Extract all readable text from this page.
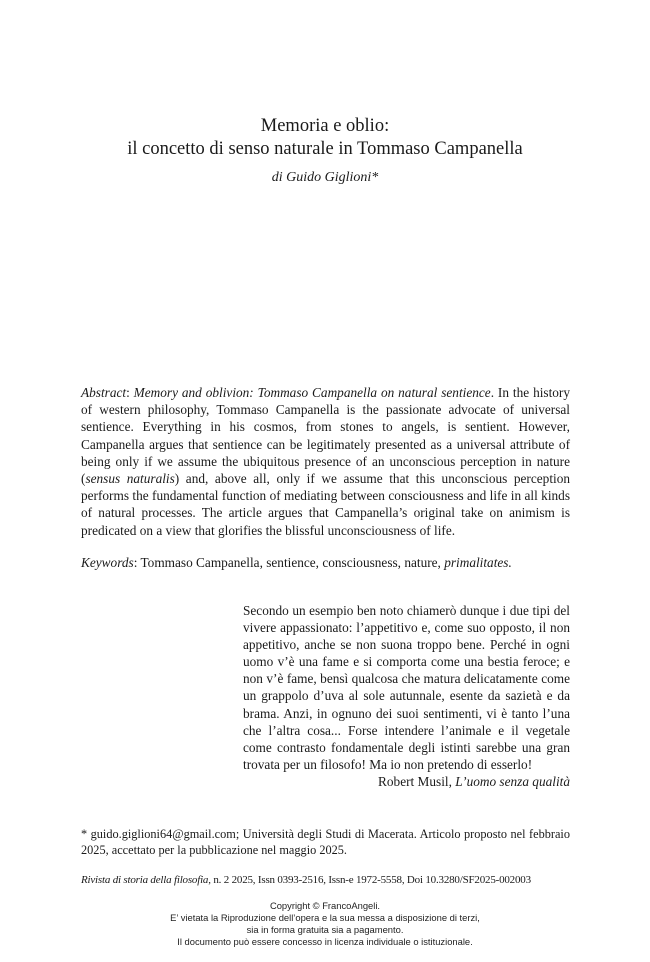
Memoria e oblio:
il concetto di senso naturale in Tommaso Campanella
di Guido Giglioni*
Abstract: Memory and oblivion: Tommaso Campanella on natural sentience. In the history of western philosophy, Tommaso Campanella is the passionate advocate of universal sentience. Everything in his cosmos, from stones to angels, is sentient. However, Campanella argues that sentience can be legitimately presented as a universal attribute of being only if we assume the ubiquitous presence of an unconscious perception in nature (sensus naturalis) and, above all, only if we assume that this unconscious perception performs the fundamental function of mediating between consciousness and life in all kinds of natural processes. The article argues that Campanella’s original take on animism is predicated on a view that glorifies the blissful unconsciousness of life.
Keywords: Tommaso Campanella, sentience, consciousness, nature, primalitates.
Secondo un esempio ben noto chiamerò dunque i due tipi del vivere appassionato: l’appetitivo e, come suo opposto, il non appetitivo, anche se non suona troppo bene. Perché in ogni uomo v’è una fame e si comporta come una bestia feroce; e non v’è fame, bensì qualcosa che matura delicatamente come un grappolo d’uva al sole autunnale, esente da sazietà e da brama. Anzi, in ognuno dei suoi sentimenti, vi è tanto l’una che l’altra cosa... Forse intendere l’animale e il vegetale come contrasto fondamentale degli istinti sarebbe una gran trovata per un filosofo! Ma io non pretendo di esserlo!
Robert Musil, L’uomo senza qualità
* guido.giglioni64@gmail.com; Università degli Studi di Macerata. Articolo proposto nel febbraio 2025, accettato per la pubblicazione nel maggio 2025.
Rivista di storia della filosofia, n. 2 2025, Issn 0393-2516, Issn-e 1972-5558, Doi 10.3280/SF2025-002003
Copyright © FrancoAngeli.
E’ vietata la Riproduzione dell’opera e la sua messa a disposizione di terzi,
sia in forma gratuita sia a pagamento.
Il documento può essere concesso in licenza individuale o istituzionale.
